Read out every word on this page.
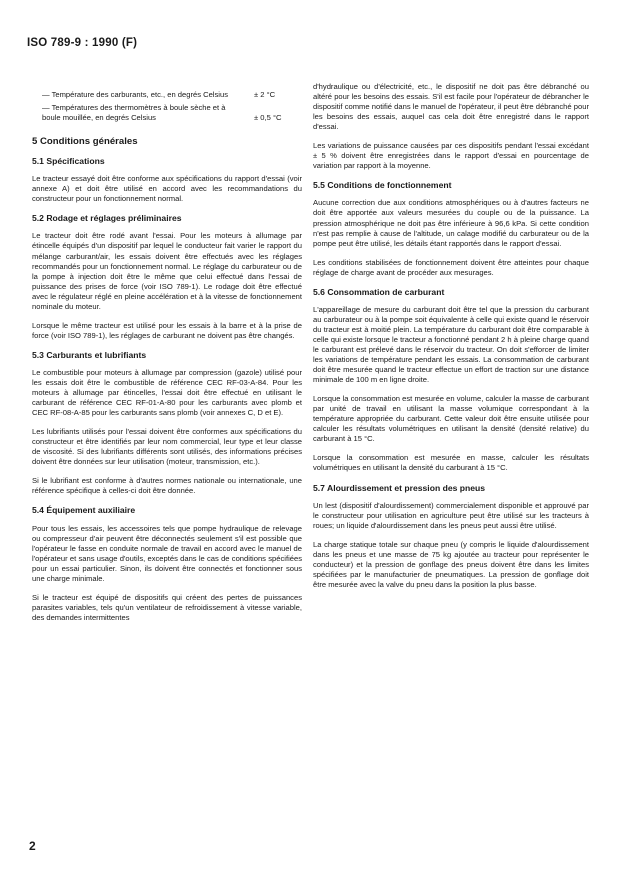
ISO 789-9 : 1990 (F)
— Température des carburants, etc., en degrés Celsius	± 2 °C
— Températures des thermomètres à boule sèche et à boule mouillée, en degrés Celsius	± 0,5 °C
5 Conditions générales
5.1 Spécifications

Le tracteur essayé doit être conforme aux spécifications du rapport d'essai (voir annexe A) et doit être utilisé en accord avec les recommandations du constructeur pour un fonctionnement normal.

5.2 Rodage et réglages préliminaires

Le tracteur doit être rodé avant l'essai. Pour les moteurs à allumage par étincelle équipés d'un dispositif par lequel le conducteur fait varier le rapport du mélange carburant/air, les essais doivent être effectués avec les réglages recommandés pour un fonctionnement normal. Le réglage du carburateur ou de la pompe à injection doit être le même que celui effectué dans l'essai de puissance des prises de force (voir ISO 789-1). Le rodage doit être effectué avec le régulateur réglé en pleine accélération et à la vitesse de fonctionnement nominale du moteur.

Lorsque le même tracteur est utilisé pour les essais à la barre et à la prise de force (voir ISO 789-1), les réglages de carburant ne doivent pas être changés.

5.3 Carburants et lubrifiants

Le combustible pour moteurs à allumage par compression (gazole) utilisé pour les essais doit être le combustible de référence CEC RF-03-A-84. Pour les moteurs à allumage par étincelles, l'essai doit être effectué en utilisant le carburant de référence CEC RF-01-A-80 pour les carburants avec plomb et CEC RF-08-A-85 pour les carburants sans plomb (voir annexes C, D et E).

Les lubrifiants utilisés pour l'essai doivent être conformes aux spécifications du constructeur et être identifiés par leur nom commercial, leur type et leur classe de viscosité. Si des lubrifiants différents sont utilisés, des informations précises doivent être données sur leur utilisation (moteur, transmission, etc.).

Si le lubrifiant est conforme à d'autres normes nationale ou internationale, une référence spécifique à celles-ci doit être donnée.

5.4 Équipement auxiliaire

Pour tous les essais, les accessoires tels que pompe hydraulique de relevage ou compresseur d'air peuvent être déconnectés seulement s'il est possible que l'opérateur le fasse en conduite normale de travail en accord avec le manuel de l'opérateur et sans usage d'outils, exceptés dans le cas de conditions spécifiées pour un essai particulier. Sinon, ils doivent être connectés et fonctionner sous une charge minimale.

Si le tracteur est équipé de dispositifs qui créent des pertes de puissances parasites variables, tels qu'un ventilateur de refroidissement à vitesse variable, des demandes intermittentes

d'hydraulique ou d'électricité, etc., le dispositif ne doit pas être débranché ou altéré pour les besoins des essais. S'il est facile pour l'opérateur de débrancher le dispositif comme notifié dans le manuel de l'opérateur, il peut être débranché pour les besoins des essais, auquel cas cela doit être enregistré dans le rapport d'essai.

Les variations de puissance causées par ces dispositifs pendant l'essai excédant ± 5 % doivent être enregistrées dans le rapport d'essai en pourcentage de variation par rapport à la moyenne.

5.5 Conditions de fonctionnement

Aucune correction due aux conditions atmosphériques ou à d'autres facteurs ne doit être apportée aux valeurs mesurées du couple ou de la puissance. La pression atmosphérique ne doit pas être inférieure à 96,6 kPa. Si cette condition n'est pas remplie à cause de l'altitude, un calage modifié du carburateur ou de la pompe peut être utilisé, les détails étant rapportés dans le rapport d'essai.

Les conditions stabilisées de fonctionnement doivent être atteintes pour chaque réglage de charge avant de procéder aux mesurages.

5.6 Consommation de carburant

L'appareillage de mesure du carburant doit être tel que la pression du carburant au carburateur ou à la pompe soit équivalente à celle qui existe quand le réservoir du tracteur est à moitié plein. La température du carburant doit être comparable à celle qui existe lorsque le tracteur a fonctionné pendant 2 h à pleine charge quand le carburant est prélevé dans le réservoir du tracteur. On doit s'efforcer de limiter les variations de température pendant les essais. La consommation de carburant doit être mesurée quand le tracteur effectue un effort de traction sur une distance minimale de 100 m en ligne droite.

Lorsque la consommation est mesurée en volume, calculer la masse de carburant par unité de travail en utilisant la masse volumique correspondant à la température appropriée du carburant. Cette valeur doit être ensuite utilisée pour calculer les résultats volumétriques en utilisant la densité (densité relative) du carburant à 15 °C.

Lorsque la consommation est mesurée en masse, calculer les résultats volumétriques en utilisant la densité du carburant à 15 °C.

5.7 Alourdissement et pression des pneus

Un lest (dispositif d'alourdissement) commercialement disponible et approuvé par le constructeur pour utilisation en agriculture peut être utilisé sur les tracteurs à roues; un liquide d'alourdissement dans les pneus peut aussi être utilisé.

La charge statique totale sur chaque pneu (y compris le liquide d'alourdissement dans les pneus et une masse de 75 kg ajoutée au tracteur pour représenter le conducteur) et la pression de gonflage des pneus doivent être dans les limites spécifiées par le manufacturier de pneumatiques. La pression de gonflage doit être mesurée avec la valve du pneu dans la position la plus basse.

2
